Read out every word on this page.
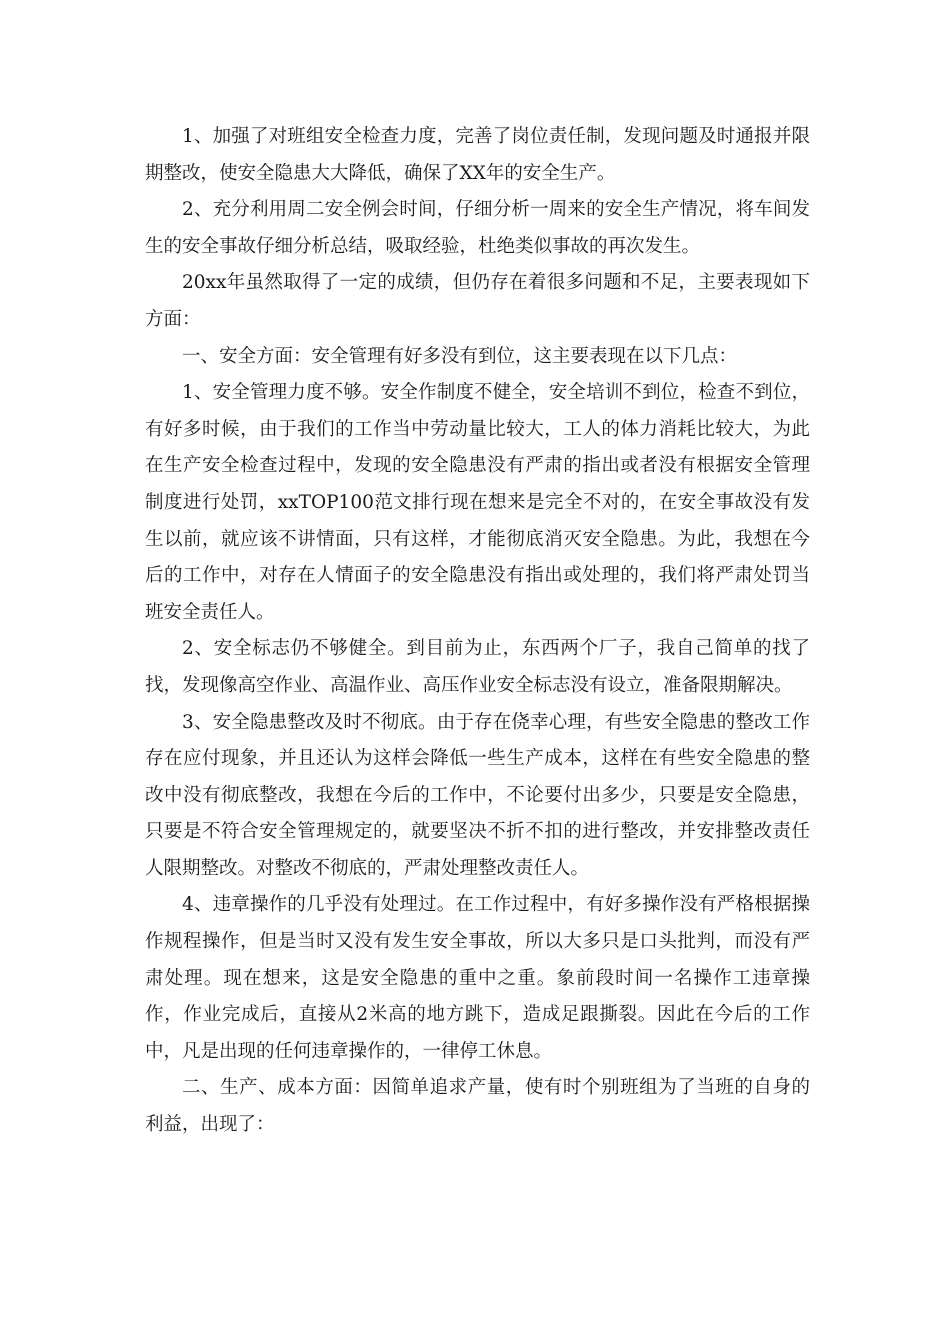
1、加强了对班组安全检查力度，完善了岗位责任制，发现问题及时通报并限期整改，使安全隐患大大降低，确保了XX年的安全生产。

2、充分利用周二安全例会时间，仔细分析一周来的安全生产情况，将车间发生的安全事故仔细分析总结，吸取经验，杜绝类似事故的再次发生。

20xx年虽然取得了一定的成绩，但仍存在着很多问题和不足，主要表现如下方面：

一、安全方面：安全管理有好多没有到位，这主要表现在以下几点：

1、安全管理力度不够。安全作制度不健全，安全培训不到位，检查不到位，有好多时候，由于我们的工作当中劳动量比较大，工人的体力消耗比较大，为此在生产安全检查过程中，发现的安全隐患没有严肃的指出或者没有根据安全管理制度进行处罚，xxTOP100范文排行现在想来是完全不对的，在安全事故没有发生以前，就应该不讲情面，只有这样，才能彻底消灭安全隐患。为此，我想在今后的工作中，对存在人情面子的安全隐患没有指出或处理的，我们将严肃处罚当班安全责任人。

2、安全标志仍不够健全。到目前为止，东西两个厂子，我自己简单的找了找，发现像高空作业、高温作业、高压作业安全标志没有设立，准备限期解决。

3、安全隐患整改及时不彻底。由于存在侥幸心理，有些安全隐患的整改工作存在应付现象，并且还认为这样会降低一些生产成本，这样在有些安全隐患的整改中没有彻底整改，我想在今后的工作中，不论要付出多少，只要是安全隐患，只要是不符合安全管理规定的，就要坚决不折不扣的进行整改，并安排整改责任人限期整改。对整改不彻底的，严肃处理整改责任人。

4、违章操作的几乎没有处理过。在工作过程中，有好多操作没有严格根据操作规程操作，但是当时又没有发生安全事故，所以大多只是口头批判，而没有严肃处理。现在想来，这是安全隐患的重中之重。象前段时间一名操作工违章操作，作业完成后，直接从2米高的地方跳下，造成足跟撕裂。因此在今后的工作中，凡是出现的任何违章操作的，一律停工休息。

二、生产、成本方面：因简单追求产量，使有时个别班组为了当班的自身的利益，出现了：
